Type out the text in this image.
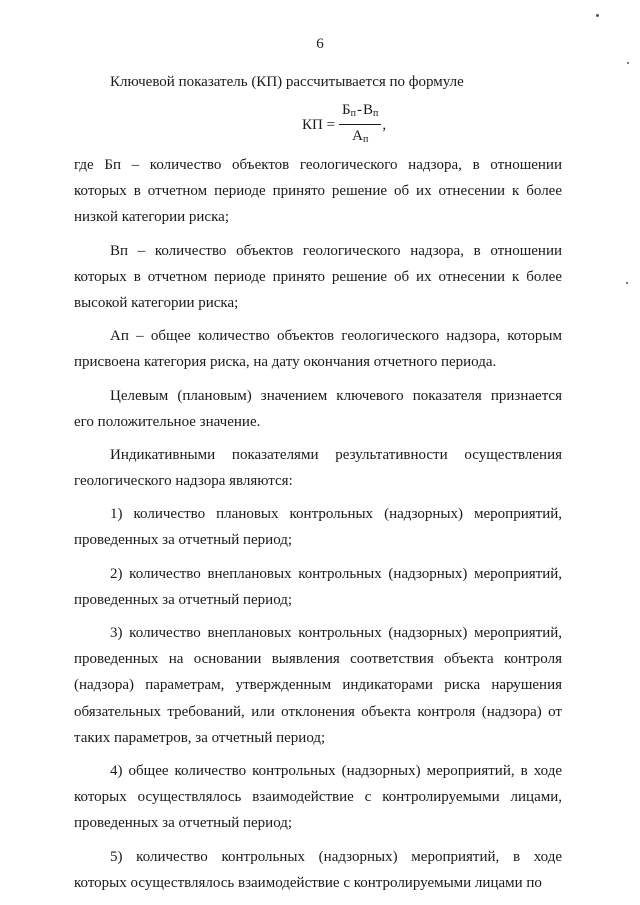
6
Ключевой показатель (КП) рассчитывается по формуле
КП = $\frac{Б_п-В_п}{А_п}$ ,
где Бп – количество объектов геологического надзора, в отношении
которых в отчетном периоде принято решение об их отнесении к более
низкой категории риска;
Вп – количество объектов геологического надзора, в отношении
которых в отчетном периоде принято решение об их отнесении к более
высокой категории риска;
Ап – общее количество объектов геологического надзора, которым
присвоена категория риска, на дату окончания отчетного периода.
Целевым (плановым) значением ключевого показателя признается
его положительное значение.
Индикативными показателями результативности осуществления
геологического надзора являются:
1) количество плановых контрольных (надзорных) мероприятий,
проведенных за отчетный период;
2) количество внеплановых контрольных (надзорных) мероприятий,
проведенных за отчетный период;
3) количество внеплановых контрольных (надзорных) мероприятий,
проведенных на основании выявления соответствия объекта контроля
(надзора) параметрам, утвержденным индикаторами риска нарушения
обязательных требований, или отклонения объекта контроля (надзора) от
таких параметров, за отчетный период;
4) общее количество контрольных (надзорных) мероприятий, в ходе
которых осуществлялось взаимодействие с контролируемыми лицами,
проведенных за отчетный период;
5) количество контрольных (надзорных) мероприятий, в ходе
которых осуществлялось взаимодействие с контролируемыми лицами по
